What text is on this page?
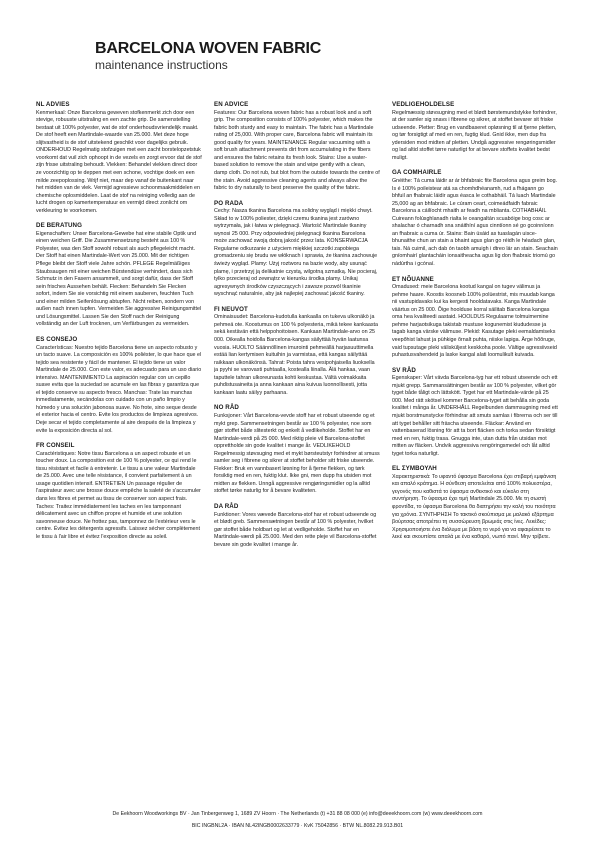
BARCELONA WOVEN FABRIC

maintenance instructions

NL ADVIES

Kenmerkaal: Onze Barcelona geweven stofkenmerkt zich door een stevige, robuuste uitstraling en een zachte grip. De samenstelling bestaat uit 100% polyester, wat de stof onderhoudsvriendelijk maakt. De stof heeft een Martindale-waarde van 25.000. Met deze hoge slijtvastheid is de stof uitstekend geschikt voor dagelijks gebruik. ONDERHOUD Regelmatig stofzuigen met een zacht borstelopzetstuk voorkomt dat vuil zich ophoopt in de vezels en zorgt ervoor dat de stof zijn frisse uitstraling behoudt. Vlekken: Behandel vlekken direct door ze voorzichtig op te deppen met een schone, vochtige doek en een milde zeepoplossing. Wrijf niet, maar dep vanaf de buitenkant naar het midden van de vlek. Vermijd agressieve schoonmaakmiddelen en chemische oplosmiddelen. Laat de stof na reiniging volledig aan de lucht drogen op kamertemperatuur en vermijd direct zonlicht om verkleuring te voorkomen.

DE BERATUNG

Eigenschaften: Unser Barcelona-Gewebe hat eine stabile Optik und einen weichen Griff. Die Zusammensetzung besteht aus 100 % Polyester, was den Stoff sowohl robust als auch pflegeleicht macht. Der Stoff hat einen Martindale-Wert von 25.000. Mit der richtigen Pflege bleibt der Stoff viele Jahre schön. PFLEGE Regelmäßiges Staubsaugen mit einer weichen Bürstendüse verhindert, dass sich Schmutz in den Fasern ansammelt, und sorgt dafür, dass der Stoff sein frisches Aussehen behält. Flecken: Behandeln Sie Flecken sofort, indem Sie sie vorsichtig mit einem sauberen, feuchten Tuch und einer milden Seifenlösung abtupfen. Nicht reiben, sondern von außen nach innen tupfen. Vermeiden Sie aggressive Reinigungsmittel und Lösungsmittel. Lassen Sie den Stoff nach der Reinigung vollständig an der Luft trocknen, um Verfärbungen zu vermeiden.

ES CONSEJO

Características: Nuestro tejido Barcelona tiene un aspecto robusto y un tacto suave. La composición es 100% poliéster, lo que hace que el tejido sea resistente y fácil de mantener. El tejido tiene un valor Martindale de 25.000. Con este valor, es adecuado para un uso diario intensivo. MANTENIMIENTO La aspiración regular con un cepillo suave evita que la suciedad se acumule en las fibras y garantiza que el tejido conserve su aspecto fresco. Manchas: Trate las manchas inmediatamente, secándolas con cuidado con un paño limpio y húmedo y una solución jabonosa suave. No frote, sino seque desde el exterior hacia el centro. Evite los productos de limpieza agresivos. Deje secar el tejido completamente al aire después de la limpieza y evite la exposición directa al sol.

FR CONSEIL

Caractéristiques: Notre tissu Barcelona a un aspect robuste et un toucher doux. La composition est de 100 % polyester, ce qui rend le tissu résistant et facile à entretenir. Le tissu a une valeur Martindale de 25.000. Avec une telle résistance, il convient parfaitement à un usage quotidien intensif. ENTRETIEN Un passage régulier de l'aspirateur avec une brosse douce empêche la saleté de s'accumuler dans les fibres et permet au tissu de conserver son aspect frais. Taches: Traitez immédiatement les taches en les tamponnant délicatement avec un chiffon propre et humide et une solution savonneuse douce. Ne frottez pas, tamponnez de l'extérieur vers le centre. Évitez les détergents agressifs. Laissez sécher complètement le tissu à l'air libre et évitez l'exposition directe au soleil.

EN ADVICE

Features: Our Barcelona woven fabric has a robust look and a soft grip. The composition consists of 100% polyester, which makes the fabric both sturdy and easy to maintain. The fabric has a Martindale rating of 25,000. With proper care, Barcelona fabric will maintain its good quality for years. MAINTENANCE Regular vacuuming with a soft brush attachment prevents dirt from accumulating in the fibers and ensures the fabric retains its fresh look. Stains: Use a water-based solution to remove the stain and wipe gently with a clean, damp cloth. Do not rub, but blot from the outside towards the centre of the stain. Avoid aggressive cleaning agents and always allow the fabric to dry naturally to best preserve the quality of the fabric.

PO RADA

Cechy: Nasza tkanina Barcelona ma solidny wygląd i miękki chwyt. Skład to w 100% poliester, dzięki czemu tkanina jest zarówno wytrzymała, jak i łatwa w pielęgnacji. Wartość Martindale tkaniny wynosi 25 000. Przy odpowiedniej pielęgnacji tkanina Barcelona może zachować swoją dobrą jakość przez lata. KONSERWACJA Regularne odkurzanie z użyciem miękkiej szczotki zapobiega gromadzeniu się brudu we włóknach i sprawia, że tkanina zachowuje świeży wygląd. Plamy: Użyj roztworu na bazie wody, aby usunąć plamę, i przetrzyj ją delikatnie czystą, wilgotną szmatką. Nie pocieraj, tylko przecieraj od zewnątrz w kierunku środka plamy. Unikaj agresywnych środków czyszczących i zawsze pozwól tkaninie wyschnąć naturalnie, aby jak najlepiej zachować jakość tkaniny.

FI NEUVOT

Ominaisuudet: Barcelona-kudotulla kankaalla on tukeva ulkonäkö ja pehmeä ote. Koostumus on 100 % polyesteria, mikä tekee kankaasta sekä kestävän että helppohoitoisen. Kankaan Martindale-arvo on 25 000. Oikealla hoidolla Barcelona-kangas säilyttää hyvän laatunsa vuosia. HUOLTO Säännöllinen imurointi pehmeällä harjasuuttimella estää lian kertymisen kuituihin ja varmistaa, että kangas säilyttää raikkaan ulkonäkönsä. Tahrat: Poista tahra vesipohjaisella liuoksella ja pyyhi se varovasti puhtaalla, kostealla liinalla. Älä hankaa, vaan taputtele tahran ulkoreunasta kohti keskustaa. Vältä voimakkaita puhdistusaineita ja anna kankaan aina kuivua luonnollisesti, jotta kankaan laatu säilyy parhaana.

NO RÅD

Funksjoner: Vårt Barcelona-vevde stoff har et robust utseende og et mykt grep. Sammensetningen består av 100 % polyester, noe som gjør stoffet både slitesterkt og enkelt å vedlikeholde. Stoffet har en Martindale-verdi på 25 000. Med riktig pleie vil Barcelona-stoffet opprettholde sin gode kvalitet i mange år. VEDLIKEHOLD Regelmessig støvsuging med et mykt børsteutstyr forhindrer at smuss samler seg i fibrene og sikrer at stoffet beholder sitt friske utseende. Flekker: Bruk en vannbasert løsning for å fjerne flekken, og tørk forsiktig med en ren, fuktig klut. Ikke gni, men dupp fra utsiden mot midten av flekken. Unngå aggressive rengjøringsmidler og la alltid stoffet tørke naturlig for å bevare kvaliteten.

DA RÅD

Funktioner: Vores vævede Barcelona-stof har et robust udseende og et blødt greb. Sammensætningen består af 100 % polyester, hvilket gør stoffet både holdbart og let at vedligeholde. Stoffet har en Martindale-værdi på 25.000. Med den rette pleje vil Barcelona-stoffet bevare sin gode kvalitet i mange år.

VEDLIGEHOLDELSE

Regelmæssig støvsugning med et blødt børstemundstykke forhindrer, at der samler sig snavs i fibrene og sikrer, at stoffet bevarer sit friske udseende. Pletter: Brug en vandbaseret opløsning til at fjerne pletten, og tør forsigtigt af med en ren, fugtig klud. Gnid ikke, men dup fra ydersiden mod midten af pletten. Undgå aggressive rengøringsmidler og lad altid stoffet tørre naturligt for at bevare stoffets kvalitet bedst muligt.

GA COMHAIRLE

Gnéithe: Tá cuma láidir ar ár bhfabraic fite Barcelona agus greim bog. Is é 100% poileistear atá sa chomhdhéanamh, rud a fhágann go bhfuil an fhabraic láidir agus éasca le cothabháil. Tá luach Martindale 25,000 ag an bhfabraic. Le cúram ceart, coimeádfaidh fabraic Barcelona a cáilíocht mhaith ar feadh na mblianta. COTHABHÁIL Cuireann folúsghlanadh rialta le ceangaltán scuabóige bog cosc ar shalachar ó charnadh sna snáithíní agus cinntíonn sé go gcoinníonn an fhabraic a cuma úr. Stains: Bain úsáid as tuaslagán uisce-bhunaithe chun an stain a bhaint agus glan go réidh le héadach glan, tais. Ná cuimil, ach dab ón taobh amuigh i dtreo lár an stain. Seachain gníomhairí glantacháin ionsaitheacha agus lig don fhabraic triomú go nádúrtha i gcónaí.

ET NÕUANNE

Omadused: meie Barcelona kootud kangal on tugev välimus ja pehme haare. Koostis koosneb 100% polüestrist, mis muudab kanga nii vastupidavaks kui ka kergesti hooldatavaks. Kanga Martindale väärtus on 25 000. Õige hoolduse korral säilitab Barcelona kangas oma hea kvaliteedi aastaid. HOOLDUS Regulaarne tolmuimemine pehme harjaotsikuga takistab mustuse kogunemist kiududesse ja tagab kanga värske välimuse. Plekid: Kasutage pleki eemaldamiseks veepõhist lahust ja pühkige õrnalt puhta, niiske lapiga. Ärge hõõruge, vaid tupsutage pleki välisküljest keskkoha poole. Vältige agressiivseid puhastusvahendeid ja laske kangal alati loomulikult kuivada.

SV RÅD

Egenskaper: Vårt vävda Barcelona-tyg har ett robust utseende och ett mjukt grepp. Sammansättningen består av 100 % polyester, vilket gör tyget både tåligt och lättskött. Tyget har ett Martindale-värde på 25 000. Med rätt skötsel kommer Barcelona-tyget att behålla sin goda kvalitet i många år. UNDERHÅLL Regelbunden dammsugning med ett mjukt borstmunstycke förhindrar att smuts samlas i fibrerna och ser till att tyget behåller sitt fräscha utseende. Fläckar: Använd en vattenbaserad lösning för att ta bort fläcken och torka sedan försiktigt med en ren, fuktig trasa. Gnugga inte, utan dutta från utsidan mot mitten av fläcken. Undvik aggressiva rengöringsmedel och låt alltid tyget torka naturligt.

EL ΣΥΜΒΟΥΛΗ

Χαρακτηριστικά: Το υφαντό ύφασμα Barcelona έχει στιβαρή εμφάνιση και απαλό κράτημα. Η σύνθεση αποτελείται από 100% πολυεστέρα, γεγονός που καθιστά το ύφασμα ανθεκτικό και εύκολο στη συντήρηση. Το ύφασμα έχει τιμή Martindale 25.000. Με τη σωστή φροντίδα, το ύφασμα Barcelona θα διατηρήσει την καλή του ποιότητα για χρόνια. ΣΥΝΤΗΡΗΣΗ Το τακτικό σκούπισμα με μαλακό εξάρτημα βούρτσας αποτρέπει τη συσσώρευση βρωμιάς στις ίνες. Λεκέδες: Χρησιμοποιήστε ένα διάλυμα με βάση το νερό για να αφαιρέσετε το λεκέ και σκουπίστε απαλά με ένα καθαρό, νωπό πανί. Μην τρίβετε.

De Eekhoorn Woodworkings BV · Jan Tinbergenweg 1, 1689 ZV Hoorn · The Netherlands (t) +31 88 08 000 (e) info@deeekhoorn.com (w) www.deeekhoorn.com
BIC INGBNL2A · IBAN NL42INGB0002633779 · KvK 75042856 · BTW NL.8082.29.913.B01
